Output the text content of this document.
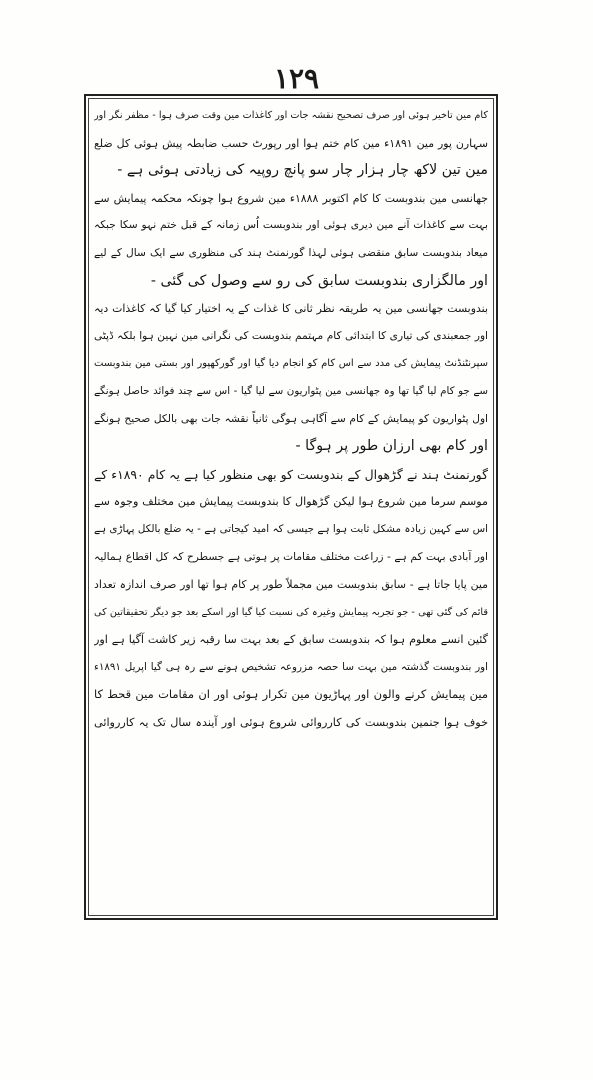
١٢٩
کام مین تاخیر ہوئی اور صرف تصحیح نقشہ جات اور کاغذات مین وقت صرف ہوا - مظفر نگر اور
سہارن پور مین ۱۸۹۱ء مین کام ختم ہوا اور رپورٹ حسب ضابطہ پیش ہوئی کل ضلع
مین تین لاکھ چار ہزار چار سو پانچ روپیہ کی زیادتی ہوئی ہے -
جھانسی مین بندوبست کا کام اکتوبر ۱۸۸۸ء مین شروع ہوا چونکہ محکمہ پیمایش سے
بہت سے کاغذات آنے مین دیری ہوئی اور بندوبست اُس زمانہ کے قبل ختم نہو سکا جبکہ
میعاد بندوبست سابق منقضی ہوئی لہذا گورنمنٹ ہند کی منظوری سے ایک سال کے لیے
اور مالگزاری بندوبست سابق کی رو سے وصول کی گئی -
بندوبست جھانسی مین یہ طریقہ نظر ثانی کا غذات کے یہ اختیار کیا گیا کہ کاغذات دیہ
اور جمعبندی کی تیاری کا ابتدائی کام مہتمم بندوبست کی نگرانی مین نہین ہوا بلکہ ڈپٹی
سپرنٹنڈنٹ پیمایش کی مدد سے اس کام کو انجام دیا گیا اور گورکھپور اور بستی مین بندوبست
سے جو کام لیا گیا تھا وہ جھانسی مین پٹواریون سے لیا گیا - اس سے چند فوائد حاصل ہونگے
اول پٹواریون کو پیمایش کے کام سے آگاہی ہوگی ثانیاً نقشہ جات بھی بالکل صحیح ہونگے
اور کام بھی ارزان طور پر ہوگا -
گورنمنٹ ہند نے گڑھوال کے بندوبست کو بھی منظور کیا ہے یہ کام ۱۸۹۰ء کے
موسم سرما مین شروع ہوا لیکن گڑھوال کا بندوبست پیمایش مین مختلف وجوہ سے
اس سے کہین زیادہ مشکل ثابت ہوا ہے جیسی کہ امید کیجاتی ہے - یہ ضلع بالکل پہاڑی ہے
اور آبادی بہت کم ہے - زراعت مختلف مقامات پر ہوتی ہے جسطرح کہ کل اقطاع ہمالیہ
مین پایا جاتا ہے - سابق بندوبست مین مجملاً طور پر کام ہوا تھا اور صرف اندازہ تعداد
قائم کی گئی تھی - جو تجربہ پیمایش وغیرہ کی نسبت کیا گیا اور اسکے بعد جو دیگر تحقیقاتین کی
گئین انسے معلوم ہوا کہ بندوبست سابق کے بعد بہت سا رقبہ زیر کاشت آگیا ہے اور
اور بندوبست گذشتہ مین بہت سا حصہ مزروعہ تشخیص ہونے سے رہ ہی گیا اپریل ۱۸۹۱ء
مین پیمایش کرنے والون اور پہاڑیون مین تکرار ہوئی اور ان مقامات مین قحط کا
خوف ہوا جنمین بندوبست کی کارروائی شروع ہوئی اور آیندہ سال تک یہ کارروائی
